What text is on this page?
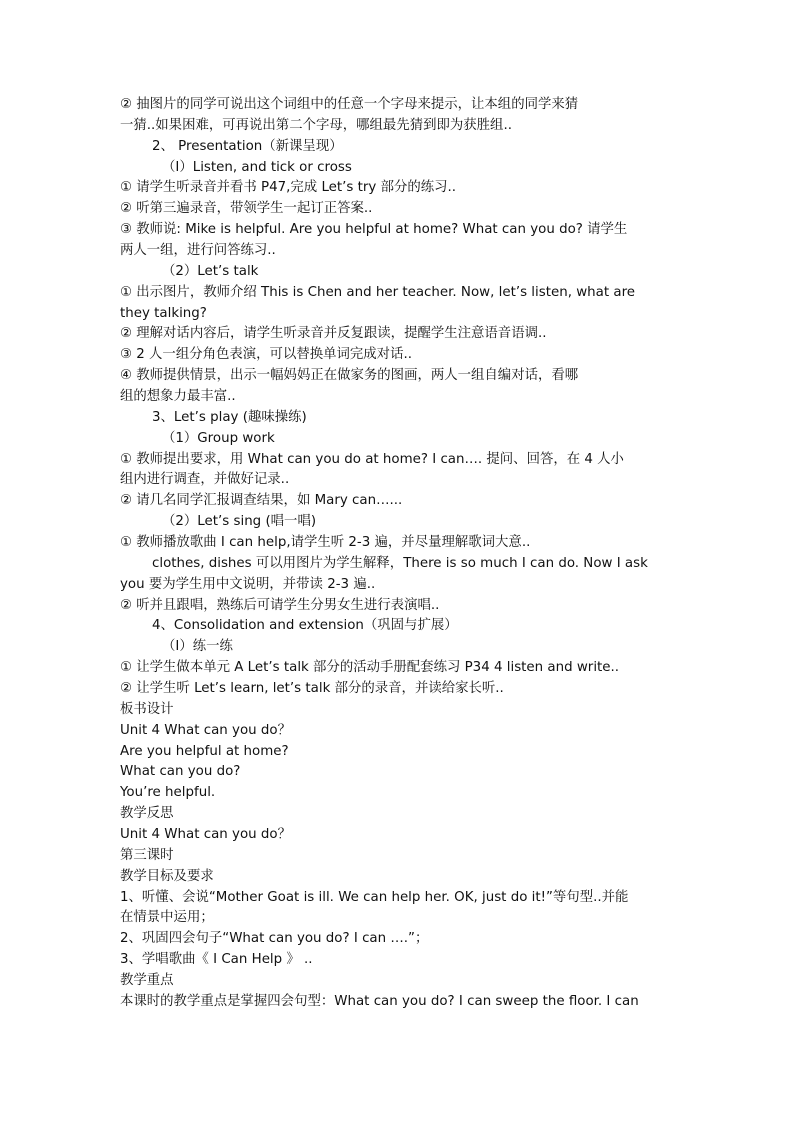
② 抽图片的同学可说出这个词组中的任意一个字母来提示，让本组的同学来猜
一猜..如果困难，可再说出第二个字母，哪组最先猜到即为获胜组..
2、 Presentation（新课呈现）
（I）Listen, and tick or cross
① 请学生听录音并看书 P47,完成 Let’s try 部分的练习..
② 听第三遍录音，带领学生一起订正答案..
③ 教师说: Mike is helpful. Are you helpful at home? What can you do? 请学生
两人一组，进行问答练习..
（2）Let’s talk
① 出示图片，教师介绍 This is Chen and her teacher. Now, let’s listen, what are
they talking?
② 理解对话内容后，请学生听录音并反复跟读，提醒学生注意语音语调..
③ 2 人一组分角色表演，可以替换单词完成对话..
④ 教师提供情景，出示一幅妈妈正在做家务的图画，两人一组自编对话，看哪
组的想象力最丰富..
3、Let’s play (趣味操练)
（1）Group work
① 教师提出要求，用 What can you do at home? I can…. 提问、回答，在 4 人小
组内进行调查，并做好记录..
② 请几名同学汇报调查结果，如 Mary can…...
（2）Let’s sing (唱一唱)
① 教师播放歌曲 I can help,请学生听 2-3 遍，并尽量理解歌词大意..
clothes, dishes 可以用图片为学生解释，There is so much I can do. Now I ask
you 要为学生用中文说明，并带读 2-3 遍..
② 听并且跟唱，熟练后可请学生分男女生进行表演唱..
4、Consolidation and extension（巩固与扩展）
（I）练一练
① 让学生做本单元 A Let’s talk 部分的活动手册配套练习 P34 4 listen and write..
② 让学生听 Let’s learn, let’s talk 部分的录音，并读给家长听..
板书设计
Unit 4 What can you do？
Are you helpful at home?
What can you do?
You’re helpful.
教学反思
Unit 4 What can you do？
第三课时
教学目标及要求
1、听懂、会说“Mother Goat is ill. We can help her. OK, just do it!”等句型..并能
在情景中运用；
2、巩固四会句子“What can you do? I can ….”；
3、学唱歌曲《 I Can Help 》 ..
教学重点
本课时的教学重点是掌握四会句型：What can you do? I can sweep the floor. I can
